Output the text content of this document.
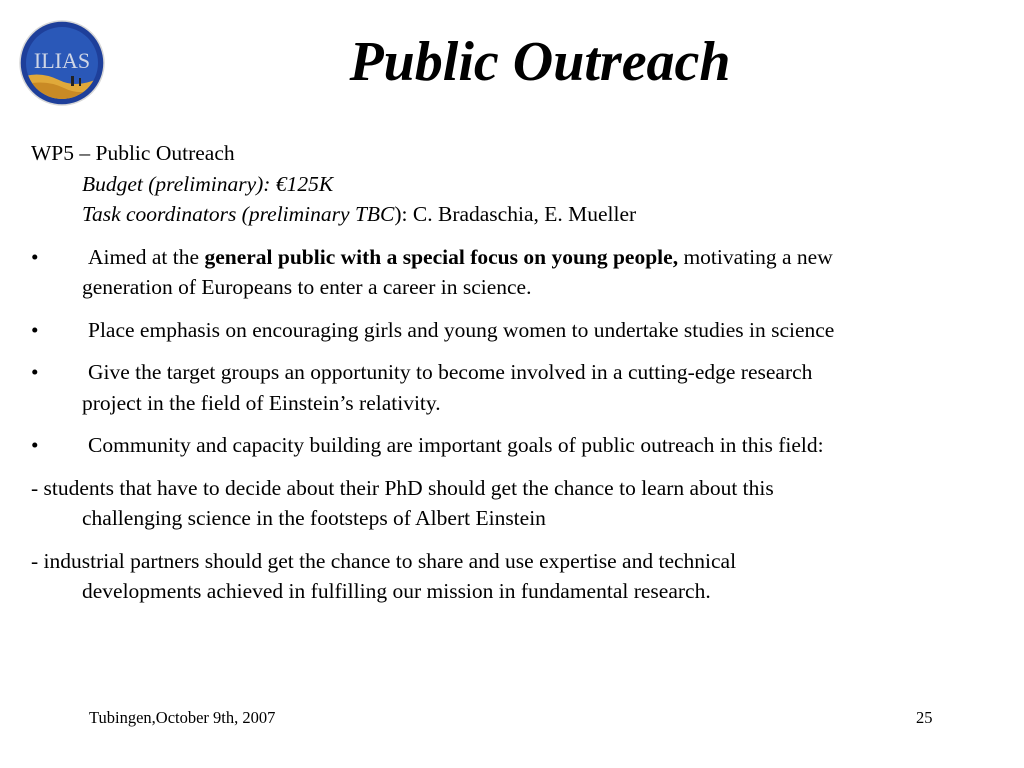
ILIAS	Public Outreach
WP5 – Public Outreach
Budget (preliminary): €125K
Task coordinators (preliminary TBC): C. Bradaschia, E. Mueller
• Aimed at the general public with a special focus on young people, motivating a new
generation of Europeans to enter a career in science.
• Place emphasis on encouraging girls and young women to undertake studies in science
• Give the target groups an opportunity to become involved in a cutting-edge research
project in the field of Einstein’s relativity.
• Community and capacity building are important goals of public outreach in this field:
- students that have to decide about their PhD should get the chance to learn about this
challenging science in the footsteps of Albert Einstein
- industrial partners should get the chance to share and use expertise and technical
developments achieved in fulfilling our mission in fundamental research.
Tubingen,October 9th, 2007	25
